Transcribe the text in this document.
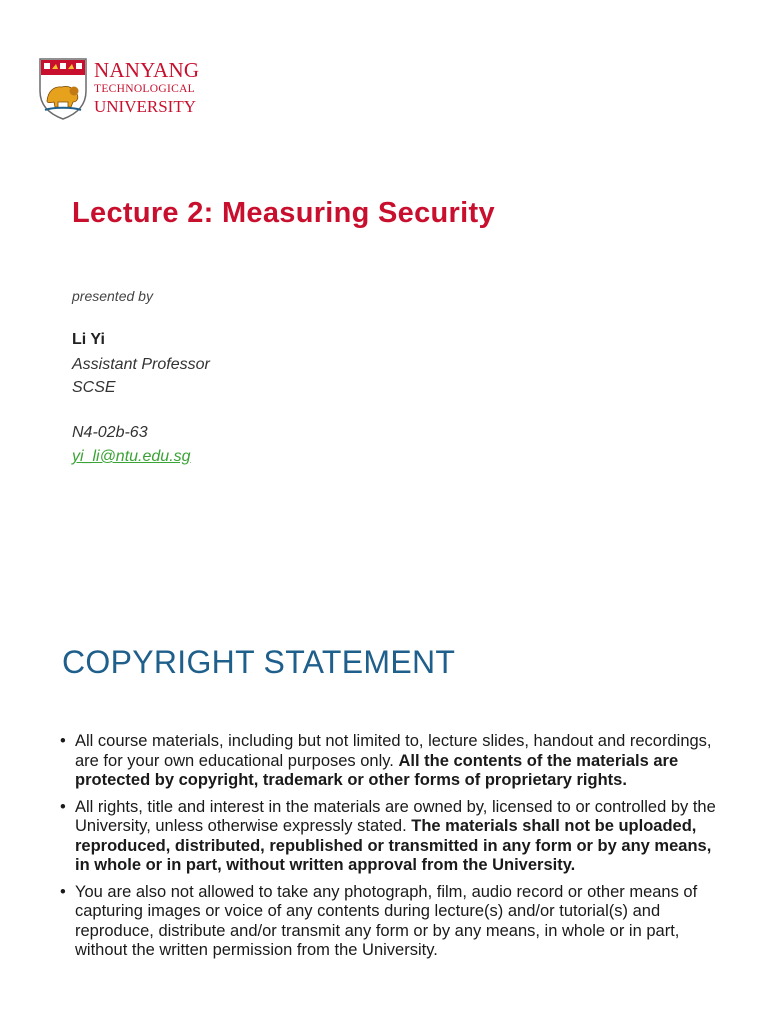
NANYANG
TECHNOLOGICAL
UNIVERSITY
Lecture 2: Measuring Security
presented by
Li Yi
Assistant Professor
SCSE
N4-02b-63
yi_li@ntu.edu.sg
COPYRIGHT STATEMENT
• All course materials, including but not limited to, lecture slides, handout and recordings, are for your own educational purposes only. All the contents of the materials are protected by copyright, trademark or other forms of proprietary rights.
• All rights, title and interest in the materials are owned by, licensed to or controlled by the University, unless otherwise expressly stated. The materials shall not be uploaded, reproduced, distributed, republished or transmitted in any form or by any means, in whole or in part, without written approval from the University.
• You are also not allowed to take any photograph, film, audio record or other means of capturing images or voice of any contents during lecture(s) and/or tutorial(s) and reproduce, distribute and/or transmit any form or by any means, in whole or in part, without the written permission from the University.
